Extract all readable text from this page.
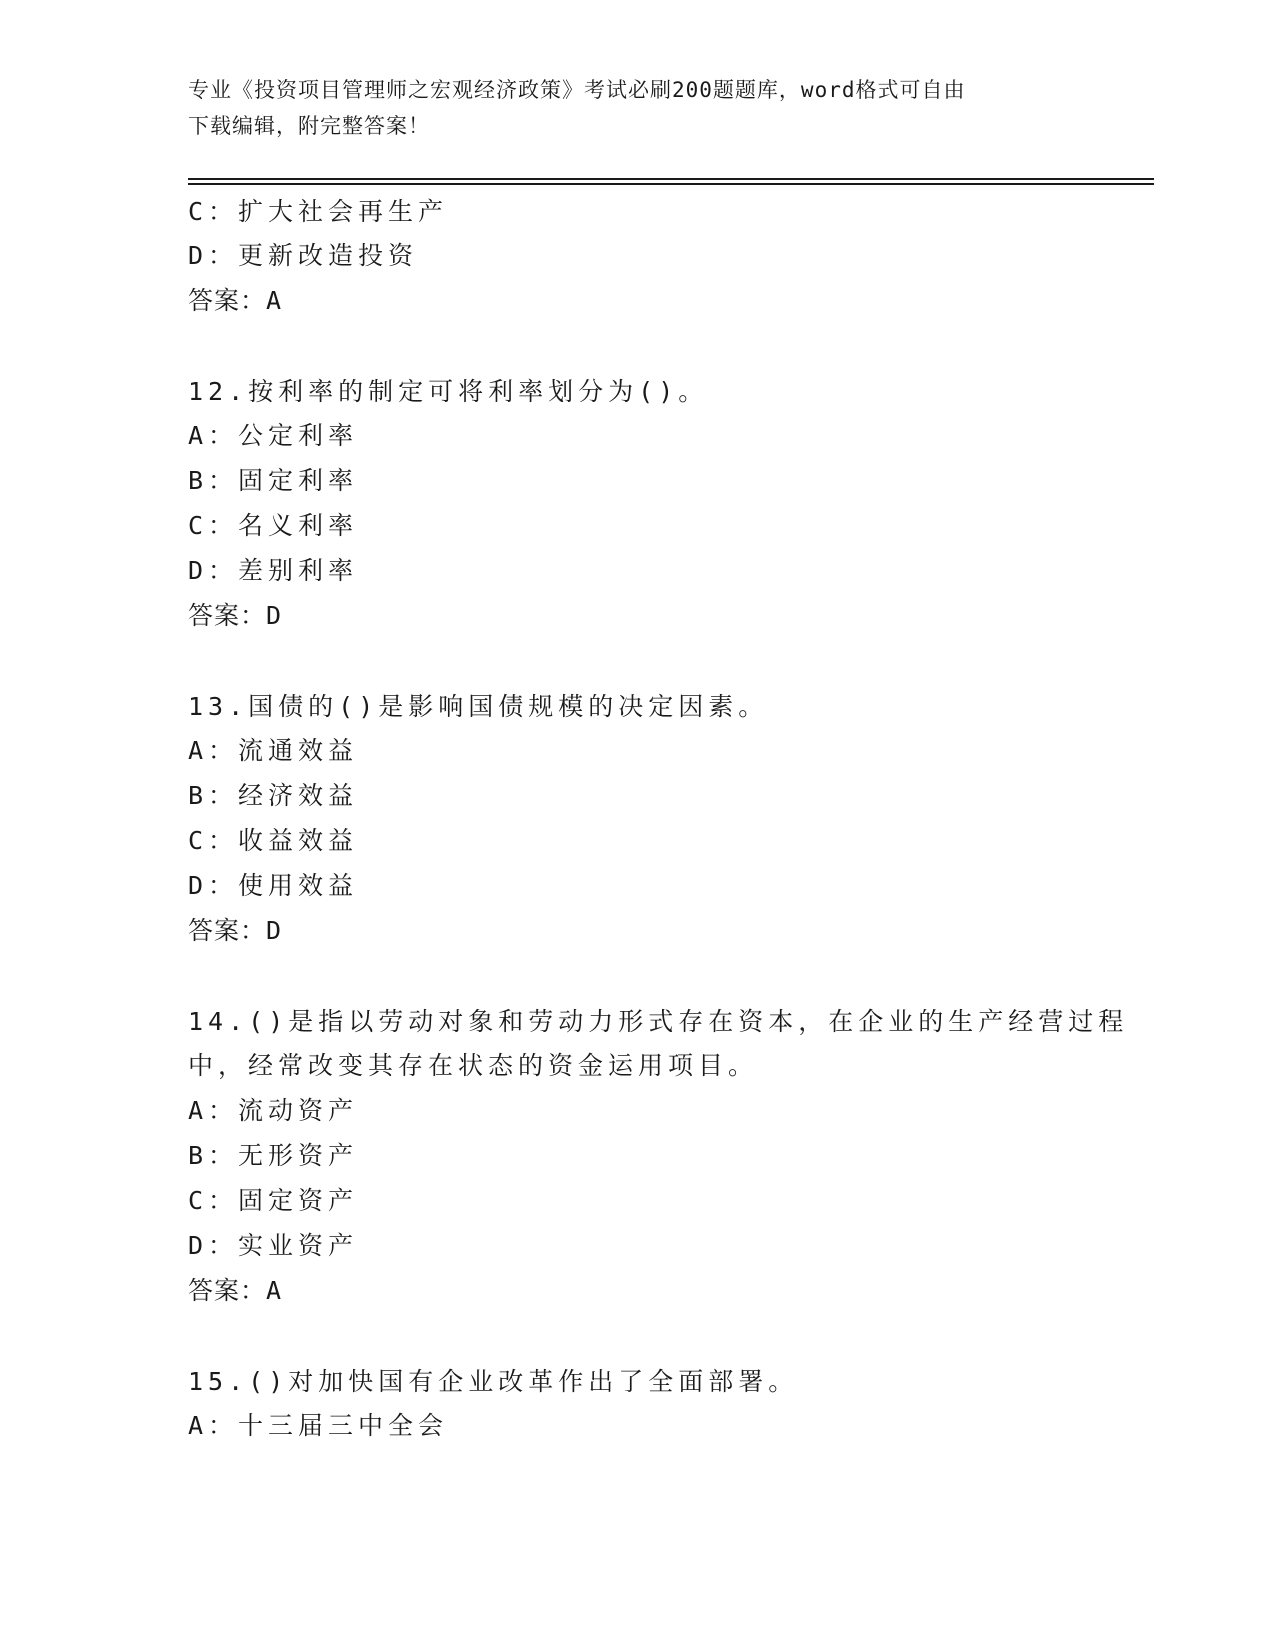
专业《投资项目管理师之宏观经济政策》考试必刷200题题库，word格式可自由
下载编辑，附完整答案！

C：扩大社会再生产

D：更新改造投资

答案：A

12.按利率的制定可将利率划分为()。

A：公定利率

B：固定利率

C：名义利率

D：差别利率

答案：D

13.国债的()是影响国债规模的决定因素。

A：流通效益

B：经济效益

C：收益效益

D：使用效益

答案：D

14.()是指以劳动对象和劳动力形式存在资本，在企业的生产经营过程

中，经常改变其存在状态的资金运用项目。

A：流动资产

B：无形资产

C：固定资产

D：实业资产

答案：A

15.()对加快国有企业改革作出了全面部署。

A：十三届三中全会
